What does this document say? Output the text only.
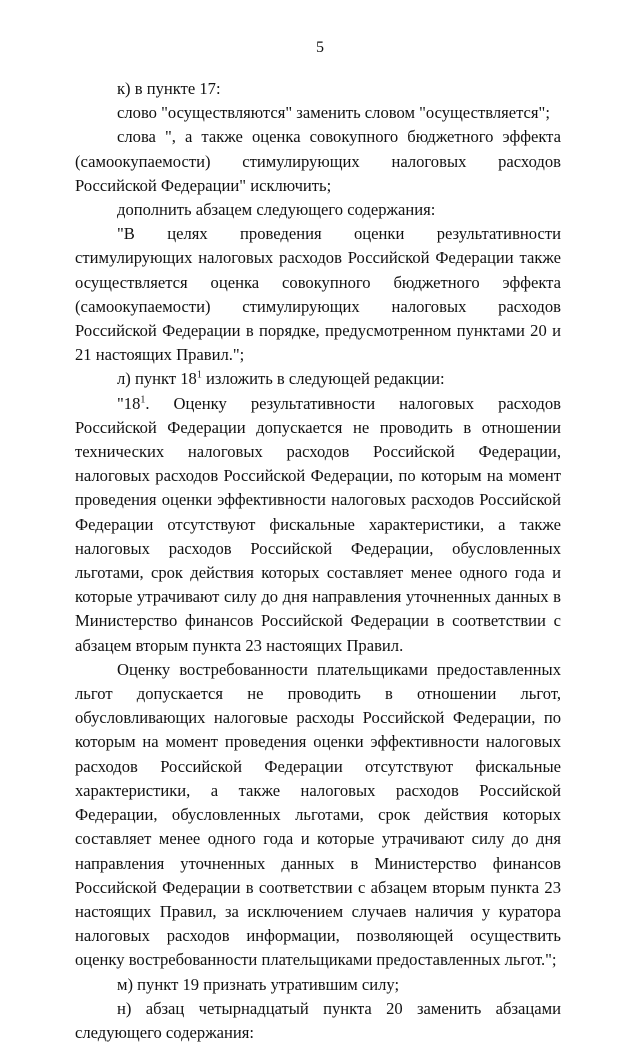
5

к) в пункте 17:

слово "осуществляются" заменить словом "осуществляется";

слова ", а также оценка совокупного бюджетного эффекта (самоокупаемости) стимулирующих налоговых расходов Российской Федерации" исключить;

дополнить абзацем следующего содержания:

"В целях проведения оценки результативности стимулирующих налоговых расходов Российской Федерации также осуществляется оценка совокупного бюджетного эффекта (самоокупаемости) стимулирующих налоговых расходов Российской Федерации в порядке, предусмотренном пунктами 20 и 21 настоящих Правил.";

л) пункт $18^1$ изложить в следующей редакции:

"$18^1$. Оценку результативности налоговых расходов Российской Федерации допускается не проводить в отношении технических налоговых расходов Российской Федерации, налоговых расходов Российской Федерации, по которым на момент проведения оценки эффективности налоговых расходов Российской Федерации отсутствуют фискальные характеристики, а также налоговых расходов Российской Федерации, обусловленных льготами, срок действия которых составляет менее одного года и которые утрачивают силу до дня направления уточненных данных в Министерство финансов Российской Федерации в соответствии с абзацем вторым пункта 23 настоящих Правил.

Оценку востребованности плательщиками предоставленных льгот допускается не проводить в отношении льгот, обусловливающих налоговые расходы Российской Федерации, по которым на момент проведения оценки эффективности налоговых расходов Российской Федерации отсутствуют фискальные характеристики, а также налоговых расходов Российской Федерации, обусловленных льготами, срок действия которых составляет менее одного года и которые утрачивают силу до дня направления уточненных данных в Министерство финансов Российской Федерации в соответствии с абзацем вторым пункта 23 настоящих Правил, за исключением случаев наличия у куратора налоговых расходов информации, позволяющей осуществить оценку востребованности плательщиками предоставленных льгот.";

м) пункт 19 признать утратившим силу;

н) абзац четырнадцатый пункта 20 заменить абзацами следующего содержания:
